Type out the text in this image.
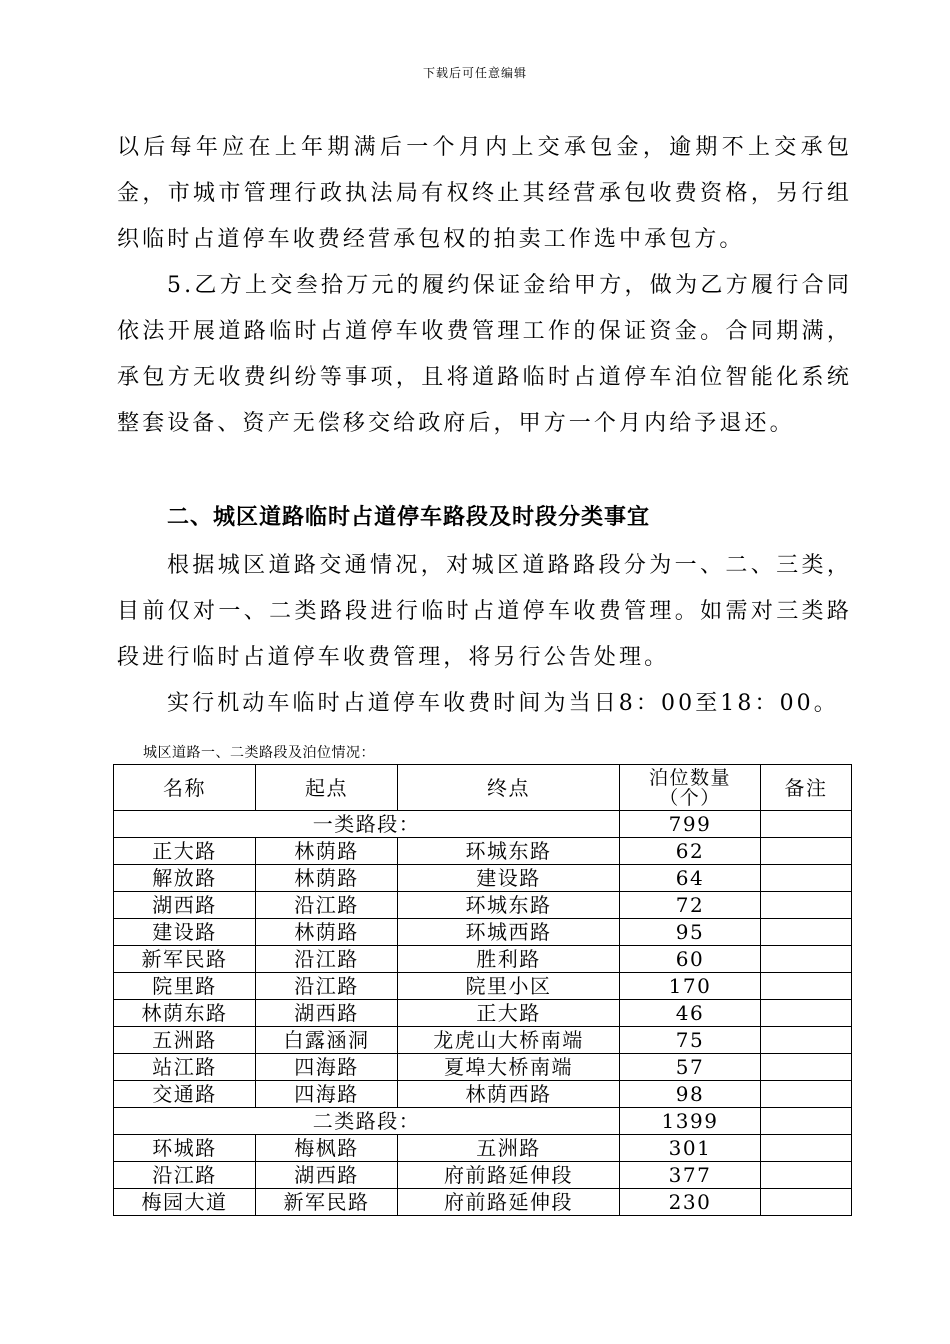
下载后可任意编辑

以后每年应在上年期满后一个月内上交承包金，逾期不上交承包金，市城市管理行政执法局有权终止其经营承包收费资格，另行组织临时占道停车收费经营承包权的拍卖工作选中承包方。

5.乙方上交叁拾万元的履约保证金给甲方，做为乙方履行合同依法开展道路临时占道停车收费管理工作的保证资金。合同期满，承包方无收费纠纷等事项，且将道路临时占道停车泊位智能化系统整套设备、资产无偿移交给政府后，甲方一个月内给予退还。

二、城区道路临时占道停车路段及时段分类事宜

根据城区道路交通情况，对城区道路路段分为一、二、三类，目前仅对一、二类路段进行临时占道停车收费管理。如需对三类路段进行临时占道停车收费管理，将另行公告处理。

实行机动车临时占道停车收费时间为当日8：00至18：00。

城区道路一、二类路段及泊位情况：
名称	起点	终点	泊位数量
（个）	备注
一类路段：			799	
正大路	林荫路	环城东路	62	
解放路	林荫路	建设路	64	
湖西路	沿江路	环城东路	72	
建设路	林荫路	环城西路	95	
新军民路	沿江路	胜利路	60	
院里路	沿江路	院里小区	170	
林荫东路	湖西路	正大路	46	
五洲路	白露涵洞	龙虎山大桥南端	75	
站江路	四海路	夏埠大桥南端	57	
交通路	四海路	林荫西路	98	
二类路段：			1399	
环城路	梅枫路	五洲路	301	
沿江路	湖西路	府前路延伸段	377	
梅园大道	新军民路	府前路延伸段	230	
